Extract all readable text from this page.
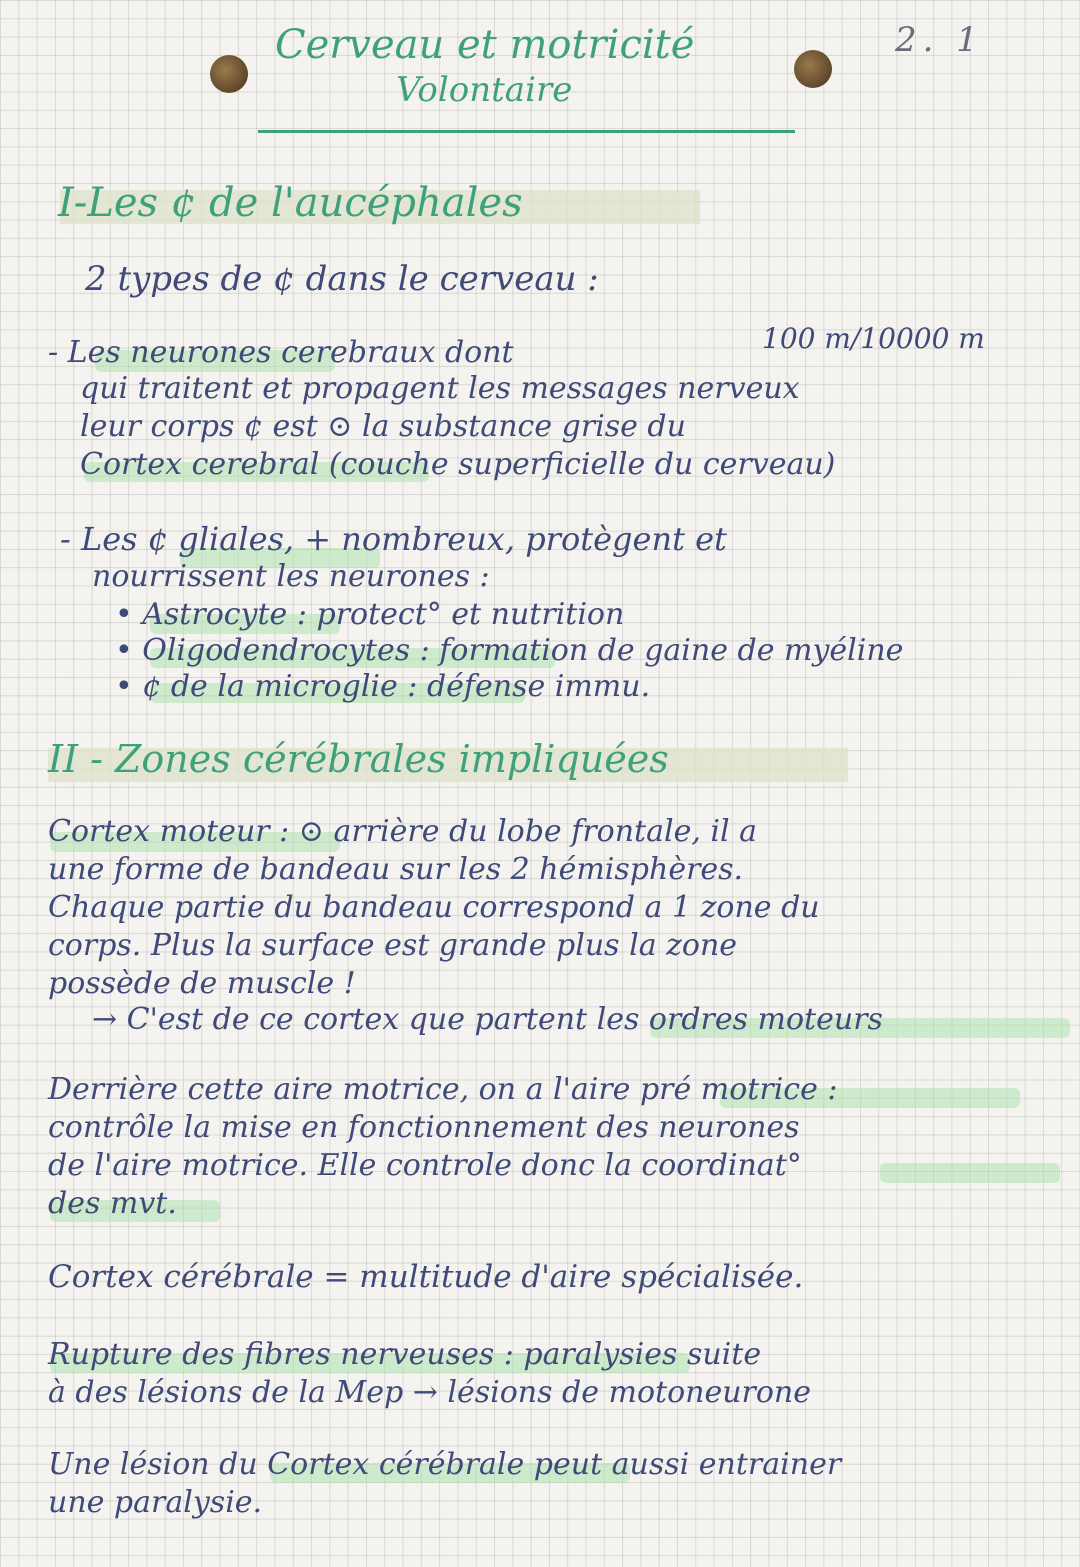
Cerveau et motricité
Volontaire
2. 1
I-Les ¢ de l'aucéphales
2 types de ¢ dans le cerveau :
- Les neurones cerebraux dont	100 m/10000 m
qui traitent et propagent les messages nerveux
leur corps ¢ est ⊙ la substance grise du
Cortex cerebral (couche superficielle du cerveau)
- Les ¢ gliales, + nombreux, protègent et
nourrissent les neurones :
• Astrocyte : protect° et nutrition
• Oligodendrocytes : formation de gaine de myéline
• ¢ de la microglie : défense immu.
II - Zones cérébrales impliquées
Cortex moteur : ⊙ arrière du lobe frontale, il a
une forme de bandeau sur les 2 hémisphères.
Chaque partie du bandeau correspond a 1 zone du
corps. Plus la surface est grande plus la zone
possède de muscle !
→ C'est de ce cortex que partent les ordres moteurs
Derrière cette aire motrice, on a l'aire pré motrice :
contrôle la mise en fonctionnement des neurones
de l'aire motrice. Elle controle donc la coordinat°
des mvt.
Cortex cérébrale = multitude d'aire spécialisée.
Rupture des fibres nerveuses : paralysies suite
à des lésions de la Mep → lésions de motoneurone
Une lésion du Cortex cérébrale peut aussi entrainer
une paralysie.
